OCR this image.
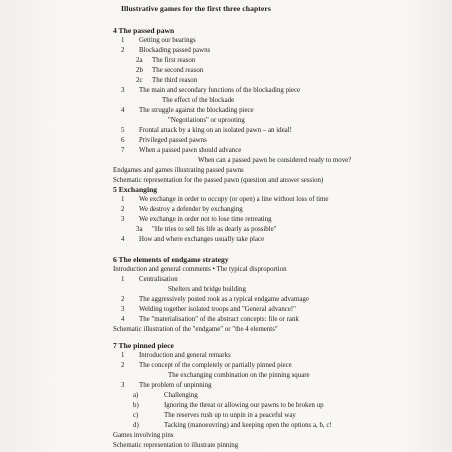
Illustrative games for the first three chapters
4 The passed pawn
1 Getting our bearings
2 Blockading passed pawns
2a The first reason
2b The second reason
2c The third reason
3 The main and secondary functions of the blockading piece
The effect of the blockade
4 The struggle against the blockading piece
"Negotiations" or uprooting
5 Frontal attack by a king on an isolated pawn – an ideal!
6 Privileged passed pawns
7 When a passed pawn should advance
When can a passed pawn be considered ready to move?
Endgames and games illustrating passed pawns
Schematic representation for the passed pawn (question and answer session)
5 Exchanging
1 We exchange in order to occupy (or open) a line without loss of time
2 We destroy a defender by exchanging
3 We exchange in order not to lose time retreating
3a "He tries to sell his life as dearly as possible"
4 How and where exchanges usually take place
6 The elements of endgame strategy
Introduction and general comments • The typical disproportion
1 Centralisation
Shelters and bridge building
2 The aggressively posted rook as a typical endgame advantage
3 Welding together isolated troops and "General advance!"
4 The "materialisation" of the abstract concepts: file or rank
Schematic illustration of the "endgame" or "the 4 elements"
7 The pinned piece
1 Introduction and general remarks
2 The concept of the completely or partially pinned piece
The exchanging combination on the pinning square
3 The problem of unpinning
a)	Challenging
b)	Ignoring the threat or allowing our pawns to be broken up
c)	The reserves rush up to unpin in a peaceful way
d)	Tacking (manoeuvring) and keeping open the options a, b, c!
Games involving pins
Schematic representation to illustrate pinning
